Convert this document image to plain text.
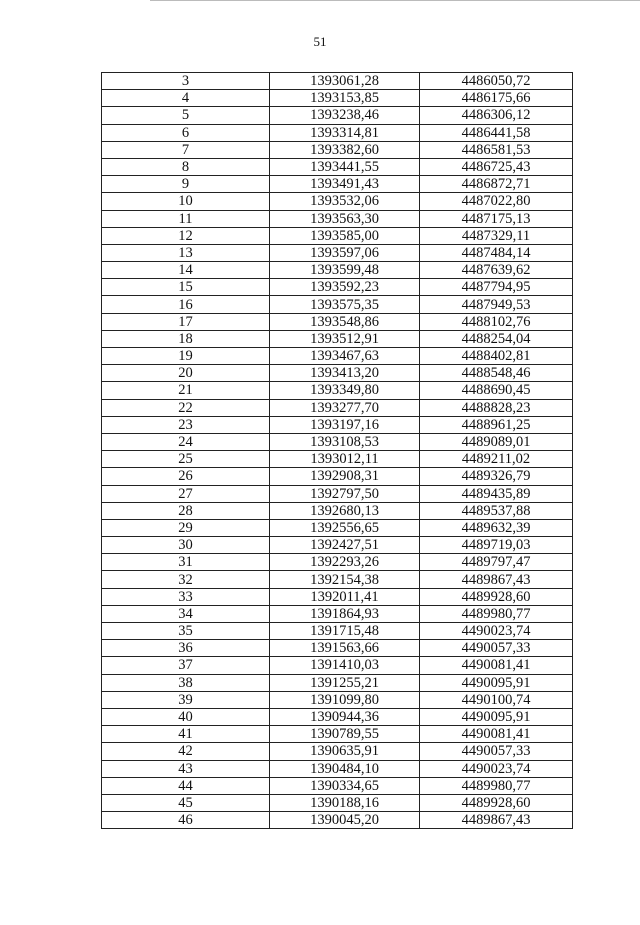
51
3	1393061,28	4486050,72
4	1393153,85	4486175,66
5	1393238,46	4486306,12
6	1393314,81	4486441,58
7	1393382,60	4486581,53
8	1393441,55	4486725,43
9	1393491,43	4486872,71
10	1393532,06	4487022,80
11	1393563,30	4487175,13
12	1393585,00	4487329,11
13	1393597,06	4487484,14
14	1393599,48	4487639,62
15	1393592,23	4487794,95
16	1393575,35	4487949,53
17	1393548,86	4488102,76
18	1393512,91	4488254,04
19	1393467,63	4488402,81
20	1393413,20	4488548,46
21	1393349,80	4488690,45
22	1393277,70	4488828,23
23	1393197,16	4488961,25
24	1393108,53	4489089,01
25	1393012,11	4489211,02
26	1392908,31	4489326,79
27	1392797,50	4489435,89
28	1392680,13	4489537,88
29	1392556,65	4489632,39
30	1392427,51	4489719,03
31	1392293,26	4489797,47
32	1392154,38	4489867,43
33	1392011,41	4489928,60
34	1391864,93	4489980,77
35	1391715,48	4490023,74
36	1391563,66	4490057,33
37	1391410,03	4490081,41
38	1391255,21	4490095,91
39	1391099,80	4490100,74
40	1390944,36	4490095,91
41	1390789,55	4490081,41
42	1390635,91	4490057,33
43	1390484,10	4490023,74
44	1390334,65	4489980,77
45	1390188,16	4489928,60
46	1390045,20	4489867,43
